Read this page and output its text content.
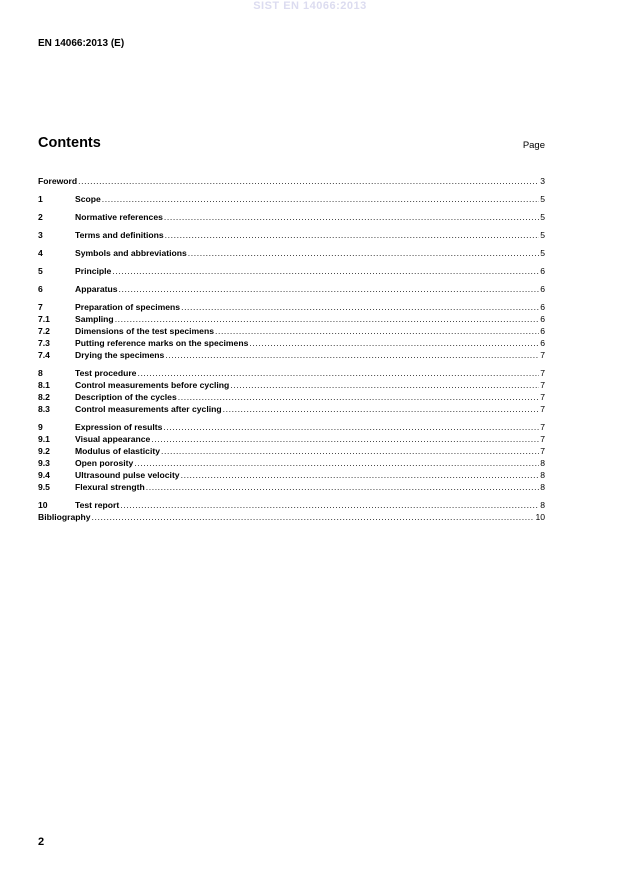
SIST EN 14066:2013
EN 14066:2013 (E)
Contents	Page
Foreword .....	3
1	Scope .....	5
2	Normative references .....	5
3	Terms and definitions .....	5
4	Symbols and abbreviations .....	5
5	Principle .....	6
6	Apparatus .....	6
7	Preparation of specimens .....	6
7.1	Sampling .....	6
7.2	Dimensions of the test specimens .....	6
7.3	Putting reference marks on the specimens .....	6
7.4	Drying the specimens .....	7
8	Test procedure .....	7
8.1	Control measurements before cycling .....	7
8.2	Description of the cycles .....	7
8.3	Control measurements after cycling .....	7
9	Expression of results .....	7
9.1	Visual appearance .....	7
9.2	Modulus of elasticity .....	7
9.3	Open porosity .....	8
9.4	Ultrasound pulse velocity .....	8
9.5	Flexural strength .....	8
10	Test report .....	8
Bibliography .....	10
2
